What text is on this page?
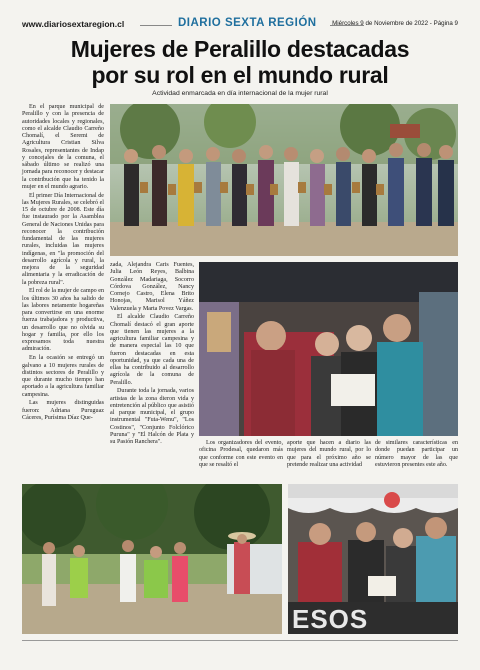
www.diariosextaregion.cl	DIARIO SEXTA REGIÓN	Miércoles 9 de Noviembre de 2022 - Página 9
Mujeres de Peralillo destacadas
por su rol en el mundo rural
Actividad enmarcada en día internacional de la mujer rural

En el parque municipal de Peralillo y con la presencia de autoridades locales y regionales, como el alcalde Claudio Carreño Chomalí, el Seremi de Agricultura Cristian Silva Rosales, representantes de Indap y concejales de la comuna, el sábado último se realizó una jornada para reconocer y destacar la contribución que ha tenido la mujer en el mundo agrario.

El primer Día Internacional de las Mujeres Rurales, se celebró el 15 de octubre de 2008. Este día fue instaurado por la Asamblea General de Naciones Unidas para reconocer la contribución fundamental de las mujeres rurales, incluidas las mujeres indígenas, en "la promoción del desarrollo agrícola y rural, la mejora de la seguridad alimentaria y la erradicación de la pobreza rural".

El rol de la mujer de campo en los últimos 30 años ha salido de las labores netamente hogareñas para convertirse en una enorme fuerza trabajadora y productiva, un desarrollo que no olvida su hogar y familia, por ello los expresamos toda nuestra admiración.

En la ocasión se entregó un galvano a 10 mujeres rurales de distintos sectores de Peralillo y que durante mucho tiempo han aportado a la agricultura familiar campesina.

Las mujeres distinguidas fueron: Adriana Puruguaz Cáceres, Purísima Díaz Que-

zada, Alejandra Caris Fuentes, Julia León Reyes, Balbina González Madariaga, Socorro Córdova González, Nancy Cornejo Castro, Elena Brito Honojas, Marisol Yáñez Valenzuela y Marta Povez Vargas.

El alcalde Claudio Carreño Chomalí destacó el gran aporte que tienen las mujeres a la agricultura familiar campesina y de manera especial las 10 que fueron destacadas en esta oportunidad, ya que cada una de ellas ha contribuido al desarrollo agrícola de la comuna de Peralillo.

Durante toda la jornada, varios artistas de la zona dieron vida y entretención al público que asistió al parque municipal, el grupo instrumental "Futa-Wenu", "Los Costinos", "Conjunto Folclórico Puruna" y "El Halcón de Plata y su Pasión Ranchera".	Los organizadores del evento, oficina Prodesal, quedaron más que conforme con este evento en que se resaltó el

aporte que hacen a diario las mujeres del mundo rural, por lo que para el próximo año se pretende realizar una actividad

de similares características en donde puedan participar un número mayor de las que estuvieron presentes este año.

ESOS
